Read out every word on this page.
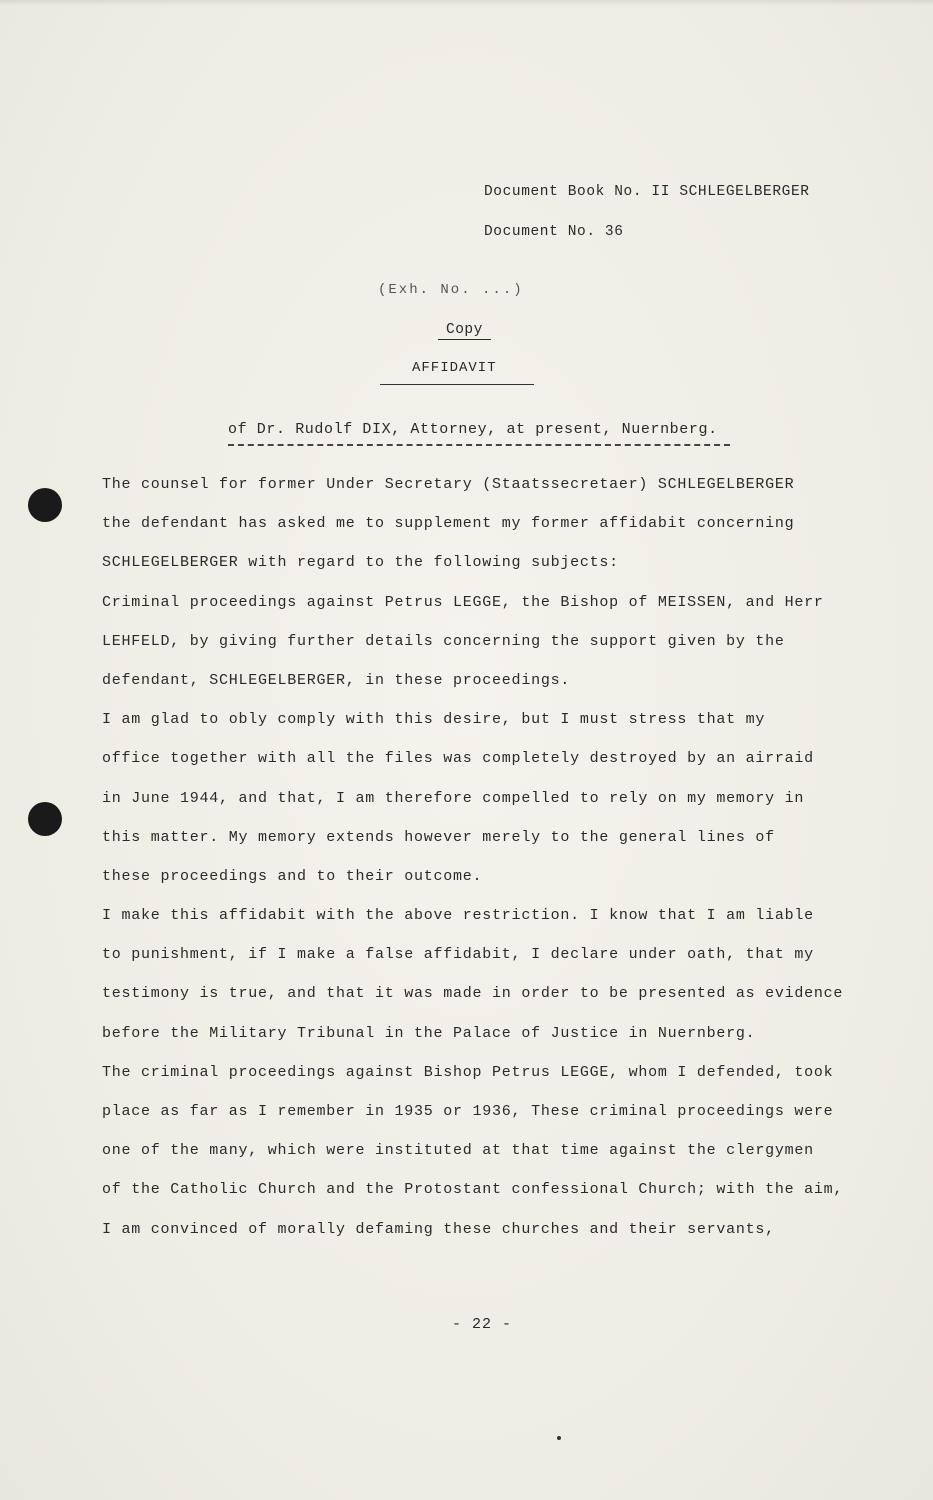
Document Book No. II SCHLEGELBERGER
Document No. 36
(Exh. No. ...)
Copy
AFFIDAVIT
of Dr. Rudolf DIX, Attorney, at present, Nuernberg.
The counsel for former Under Secretary (Staatssecretaer) SCHLEGELBERGER
the defendant has asked me to supplement my former affidabit concerning
SCHLEGELBERGER with regard to the following subjects:
Criminal proceedings against Petrus LEGGE, the Bishop of MEISSEN, and Herr
LEHFELD, by giving further details concerning the support given by the
defendant, SCHLEGELBERGER, in these proceedings.
I am glad to obly comply with this desire, but I must stress that my
office together with all the files was completely destroyed by an airraid
in June 1944, and that, I am therefore compelled to rely on my memory in
this matter. My memory extends however merely to the general lines of
these proceedings and to their outcome.
I make this affidabit with the above restriction. I know that I am liable
to punishment, if I make a false affidabit, I declare under oath, that my
testimony is true, and that it was made in order to be presented as evidence
before the Military Tribunal in the Palace of Justice in Nuernberg.
The criminal proceedings against Bishop Petrus LEGGE, whom I defended, took
place as far as I remember in 1935 or 1936, These criminal proceedings were
one of the many, which were instituted at that time against the clergymen
of the Catholic Church and the Protostant confessional Church; with the aim,
I am convinced of morally defaming these churches and their servants,
- 22 -
